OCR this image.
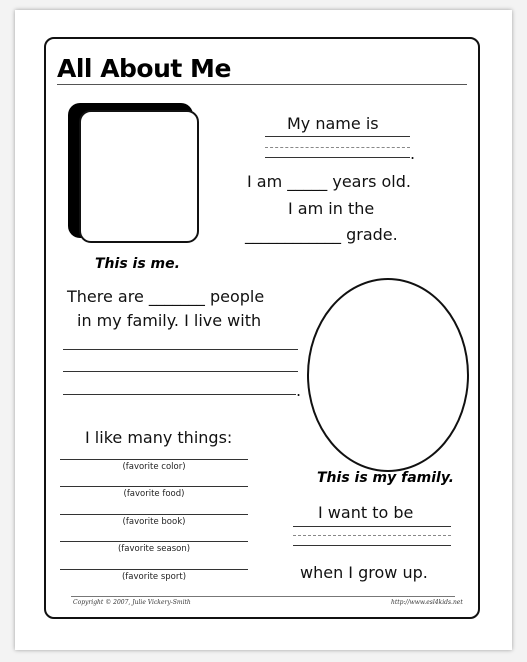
All About Me
This is me.
My name is
.
I am _____ years old.
I am in the
____________ grade.
There are _______ people
in my family. I live with
.
This is my family.
I like many things:
(favorite color)
(favorite food)
(favorite book)
(favorite season)
(favorite sport)
I want to be
when I grow up.
Copyright © 2007, Julie Vickery-Smith	http://www.esl4kids.net
